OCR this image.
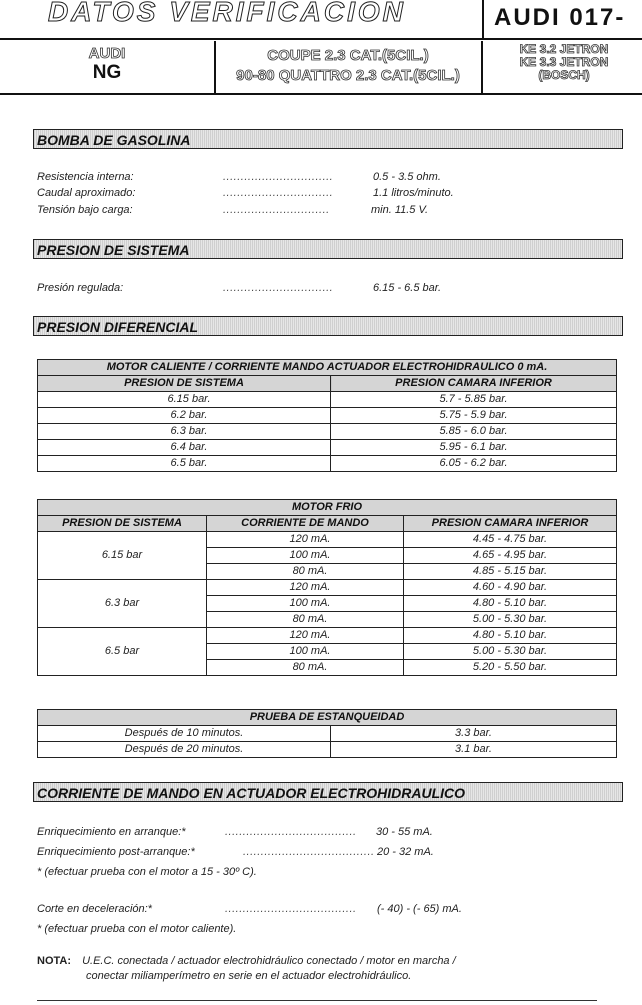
DATOS VERIFICACION	AUDI 017-
AUDI
NG
COUPE 2.3 CAT.(5CIL.)
90-80 QUATTRO 2.3 CAT.(5CIL.)
KE 3.2 JETRON
KE 3.3 JETRON
(BOSCH)
BOMBA DE GASOLINA
Resistencia interna:	...............................	0.5 - 3.5 ohm.
Caudal aproximado:	...............................	1.1 litros/minuto.
Tensión bajo carga:	..............................	min. 11.5 V.
PRESION DE SISTEMA
Presión regulada:	...............................	6.15 - 6.5 bar.
PRESION DIFERENCIAL
MOTOR CALIENTE / CORRIENTE MANDO ACTUADOR ELECTROHIDRAULICO 0 mA.	
PRESION DE SISTEMA	PRESION CAMARA INFERIOR
6.15 bar.	5.7 - 5.85 bar.
6.2 bar.	5.75 - 5.9 bar.
6.3 bar.	5.85 - 6.0 bar.
6.4 bar.	5.95 - 6.1 bar.
6.5 bar.	6.05 - 6.2 bar.
MOTOR FRIO		
PRESION DE SISTEMA	CORRIENTE DE MANDO	PRESION CAMARA INFERIOR
6.15 bar	120 mA.	4.45 - 4.75 bar.
	100 mA.	4.65 - 4.95 bar.
	80 mA.	4.85 - 5.15 bar.
6.3 bar	120 mA.	4.60 - 4.90 bar.
	100 mA.	4.80 - 5.10 bar.
	80 mA.	5.00 - 5.30 bar.
6.5 bar	120 mA.	4.80 - 5.10 bar.
	100 mA.	5.00 - 5.30 bar.
	80 mA.	5.20 - 5.50 bar.
PRUEBA DE ESTANQUEIDAD	
Después de 10 minutos.	3.3 bar.
Después de 20 minutos.	3.1 bar.
CORRIENTE DE MANDO EN ACTUADOR ELECTROHIDRAULICO
Enriquecimiento en arranque:*	.....................................	30 - 55 mA.
Enriquecimiento post-arranque:*	..................................... 20 - 32 mA.
* (efectuar prueba con el motor a 15 - 30º C).
Corte en deceleración:*	.....................................	(- 40) - (- 65) mA.
* (efectuar prueba con el motor caliente).
NOTA: U.E.C. conectada / actuador electrohidráulico conectado / motor en marcha /
conectar miliamperímetro en serie en el actuador electrohidráulico.
